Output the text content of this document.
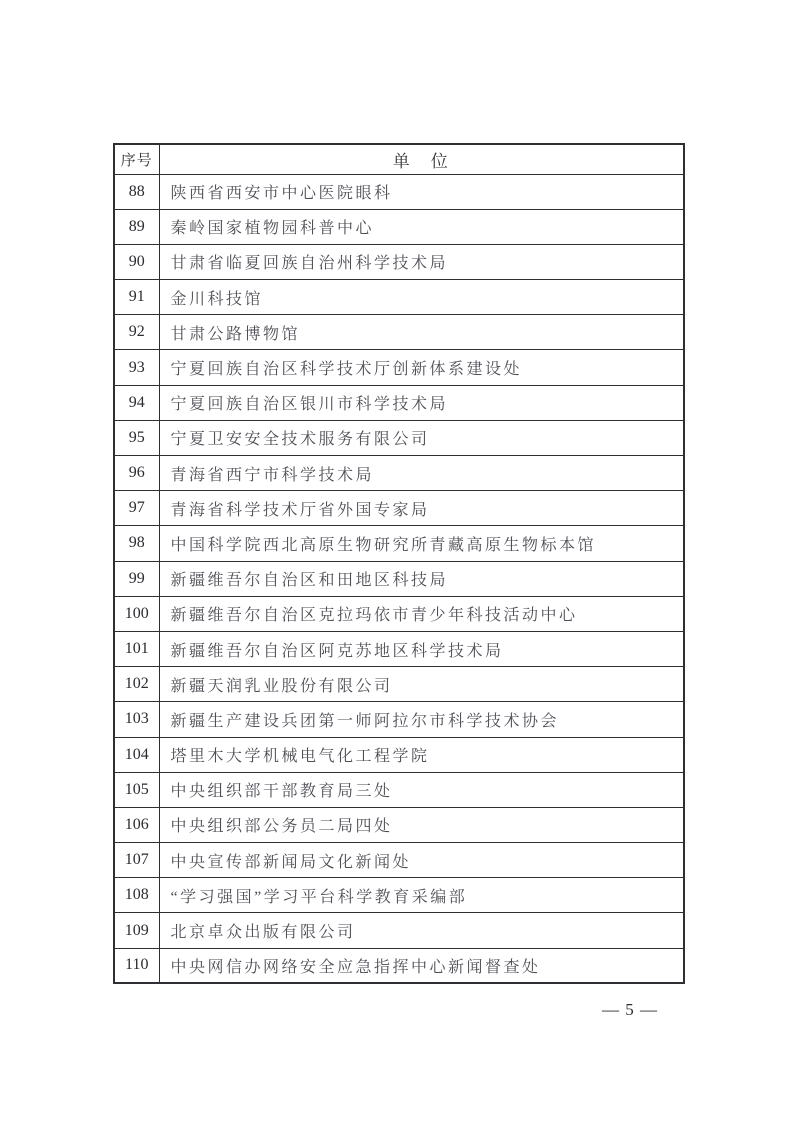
序号	单　位
88	陕西省西安市中心医院眼科
89	秦岭国家植物园科普中心
90	甘肃省临夏回族自治州科学技术局
91	金川科技馆
92	甘肃公路博物馆
93	宁夏回族自治区科学技术厅创新体系建设处
94	宁夏回族自治区银川市科学技术局
95	宁夏卫安安全技术服务有限公司
96	青海省西宁市科学技术局
97	青海省科学技术厅省外国专家局
98	中国科学院西北高原生物研究所青藏高原生物标本馆
99	新疆维吾尔自治区和田地区科技局
100	新疆维吾尔自治区克拉玛依市青少年科技活动中心
101	新疆维吾尔自治区阿克苏地区科学技术局
102	新疆天润乳业股份有限公司
103	新疆生产建设兵团第一师阿拉尔市科学技术协会
104	塔里木大学机械电气化工程学院
105	中央组织部干部教育局三处
106	中央组织部公务员二局四处
107	中央宣传部新闻局文化新闻处
108	“学习强国”学习平台科学教育采编部
109	北京卓众出版有限公司
110	中央网信办网络安全应急指挥中心新闻督查处
— 5 —
